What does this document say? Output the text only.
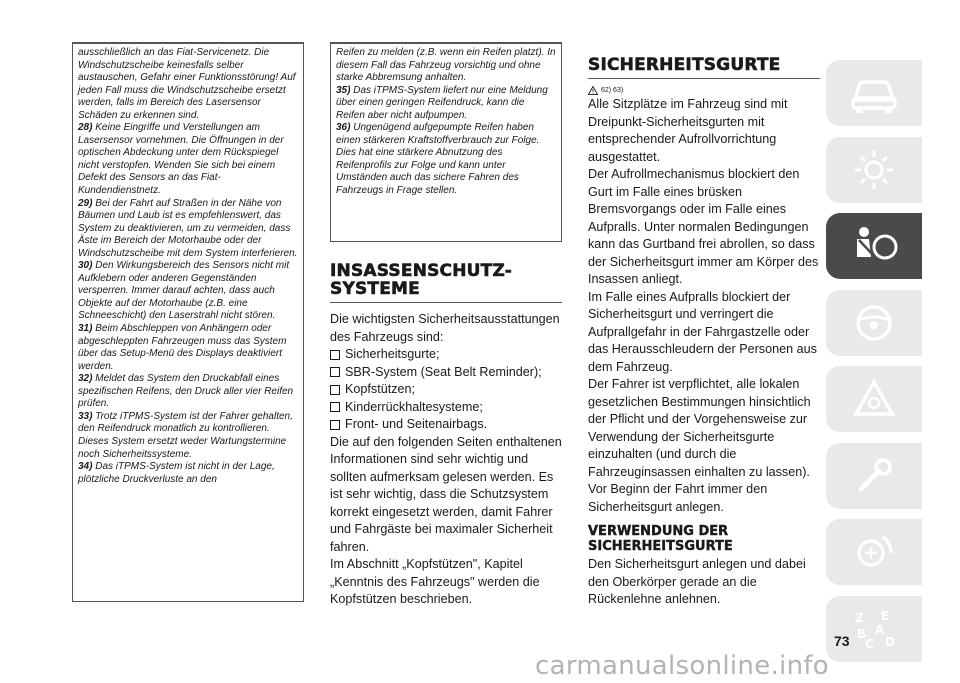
ausschließlich an das Fiat-Servicenetz. Die Windschutzscheibe keinesfalls selber austauschen, Gefahr einer Funktionsstörung! Auf jeden Fall muss die Windschutzscheibe ersetzt werden, falls im Bereich des Lasersensor Schäden zu erkennen sind.

28) Keine Eingriffe und Verstellungen am Lasersensor vornehmen. Die Öffnungen in der optischen Abdeckung unter dem Rückspiegel nicht verstopfen. Wenden Sie sich bei einem Defekt des Sensors an das Fiat-Kundendienstnetz.

29) Bei der Fahrt auf Straßen in der Nähe von Bäumen und Laub ist es empfehlenswert, das System zu deaktivieren, um zu vermeiden, dass Äste im Bereich der Motorhaube oder der Windschutzscheibe mit dem System interferieren.

30) Den Wirkungsbereich des Sensors nicht mit Aufklebern oder anderen Gegenständen versperren. Immer darauf achten, dass auch Objekte auf der Motorhaube (z.B. eine Schneeschicht) den Laserstrahl nicht stören.

31) Beim Abschleppen von Anhängern oder abgeschleppten Fahrzeugen muss das System über das Setup-Menü des Displays deaktiviert werden.

32) Meldet das System den Druckabfall eines spezifischen Reifens, den Druck aller vier Reifen prüfen.

33) Trotz iTPMS-System ist der Fahrer gehalten, den Reifendruck monatlich zu kontrollieren. Dieses System ersetzt weder Wartungstermine noch Sicherheitssysteme.

34) Das iTPMS-System ist nicht in der Lage, plötzliche Druckverluste an den

Reifen zu melden (z.B. wenn ein Reifen platzt). In diesem Fall das Fahrzeug vorsichtig und ohne starke Abbremsung anhalten.

35) Das iTPMS-System liefert nur eine Meldung über einen geringen Reifendruck, kann die Reifen aber nicht aufpumpen.

36) Ungenügend aufgepumpte Reifen haben einen stärkeren Kraftstoffverbrauch zur Folge. Dies hat eine stärkere Abnutzung des Reifenprofils zur Folge und kann unter Umständen auch das sichere Fahren des Fahrzeugs in Frage stellen.

INSASSENSCHUTZ-SYSTEME

Die wichtigsten Sicherheitsausstattungen des Fahrzeugs sind:

Sicherheitsgurte;
SBR-System (Seat Belt Reminder);
Kopfstützen;
Kinderrückhaltesysteme;
Front- und Seitenairbags.

Die auf den folgenden Seiten enthaltenen Informationen sind sehr wichtig und sollten aufmerksam gelesen werden. Es ist sehr wichtig, dass die Schutzsystem korrekt eingesetzt werden, damit Fahrer und Fahrgäste bei maximaler Sicherheit fahren.

Im Abschnitt „Kopfstützen", Kapitel „Kenntnis des Fahrzeugs" werden die Kopfstützen beschrieben.

SICHERHEITSGURTE
62) 63)

Alle Sitzplätze im Fahrzeug sind mit Dreipunkt-Sicherheitsgurten mit entsprechender Aufrollvorrichtung ausgestattet.

Der Aufrollmechanismus blockiert den Gurt im Falle eines brüsken Bremsvorgangs oder im Falle eines Aufpralls. Unter normalen Bedingungen kann das Gurtband frei abrollen, so dass der Sicherheitsgurt immer am Körper des Insassen anliegt.

Im Falle eines Aufpralls blockiert der Sicherheitsgurt und verringert die Aufprallgefahr in der Fahrgastzelle oder das Herausschleudern der Personen aus dem Fahrzeug.

Der Fahrer ist verpflichtet, alle lokalen gesetzlichen Bestimmungen hinsichtlich der Pflicht und der Vorgehensweise zur Verwendung der Sicherheitsgurte einzuhalten (und durch die Fahrzeuginsassen einhalten zu lassen).

Vor Beginn der Fahrt immer den Sicherheitsgurt anlegen.

VERWENDUNG DER SICHERHEITSGURTE

Den Sicherheitsgurt anlegen und dabei den Oberkörper gerade an die Rückenlehne anlehnen.

Z E
B A
C D
73
carmanualsonline.info
